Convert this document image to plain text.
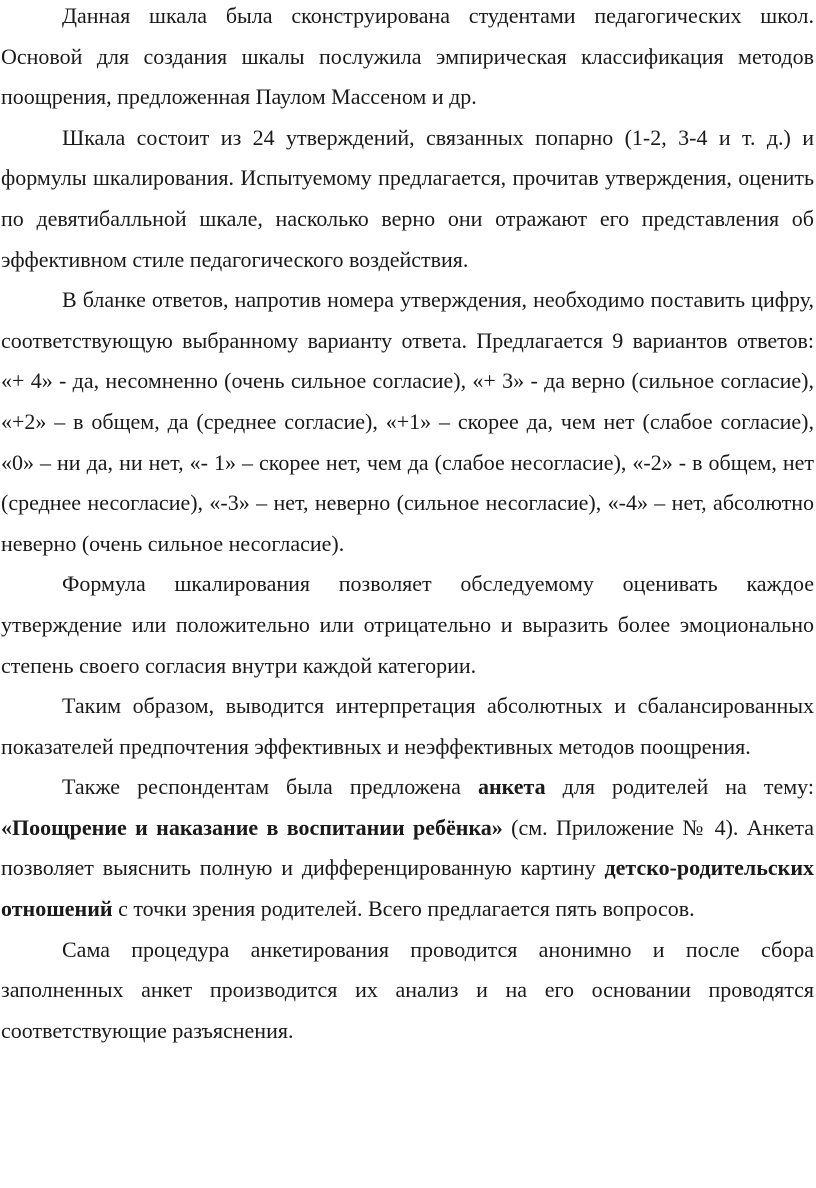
Данная шкала была сконструирована студентами педагогических школ. Основой для создания шкалы послужила эмпирическая классификация методов поощрения, предложенная Паулом Массеном и др.

Шкала состоит из 24 утверждений, связанных попарно (1-2, 3-4 и т. д.) и формулы шкалирования. Испытуемому предлагается, прочитав утверждения, оценить по девятибалльной шкале, насколько верно они отражают его представления об эффективном стиле педагогического воздействия.

В бланке ответов, напротив номера утверждения, необходимо поставить цифру, соответствующую выбранному варианту ответа. Предлагается 9 вариантов ответов: «+ 4» - да, несомненно (очень сильное согласие), «+ 3» - да верно (сильное согласие), «+2» – в общем, да (среднее согласие), «+1» – скорее да, чем нет (слабое согласие), «0» – ни да, ни нет, «- 1» – скорее нет, чем да (слабое несогласие), «-2» - в общем, нет (среднее несогласие), «-3» – нет, неверно (сильное несогласие), «-4» – нет, абсолютно неверно (очень сильное несогласие).

Формула шкалирования позволяет обследуемому оценивать каждое утверждение или положительно или отрицательно и выразить более эмоционально степень своего согласия внутри каждой категории.

Таким образом, выводится интерпретация абсолютных и сбалансированных показателей предпочтения эффективных и неэффективных методов поощрения.

Также респондентам была предложена анкета для родителей на тему: «Поощрение и наказание в воспитании ребёнка» (см. Приложение № 4). Анкета позволяет выяснить полную и дифференцированную картину детско-родительских отношений с точки зрения родителей. Всего предлагается пять вопросов.

Сама процедура анкетирования проводится анонимно и после сбора заполненных анкет производится их анализ и на его основании проводятся соответствующие разъяснения.
